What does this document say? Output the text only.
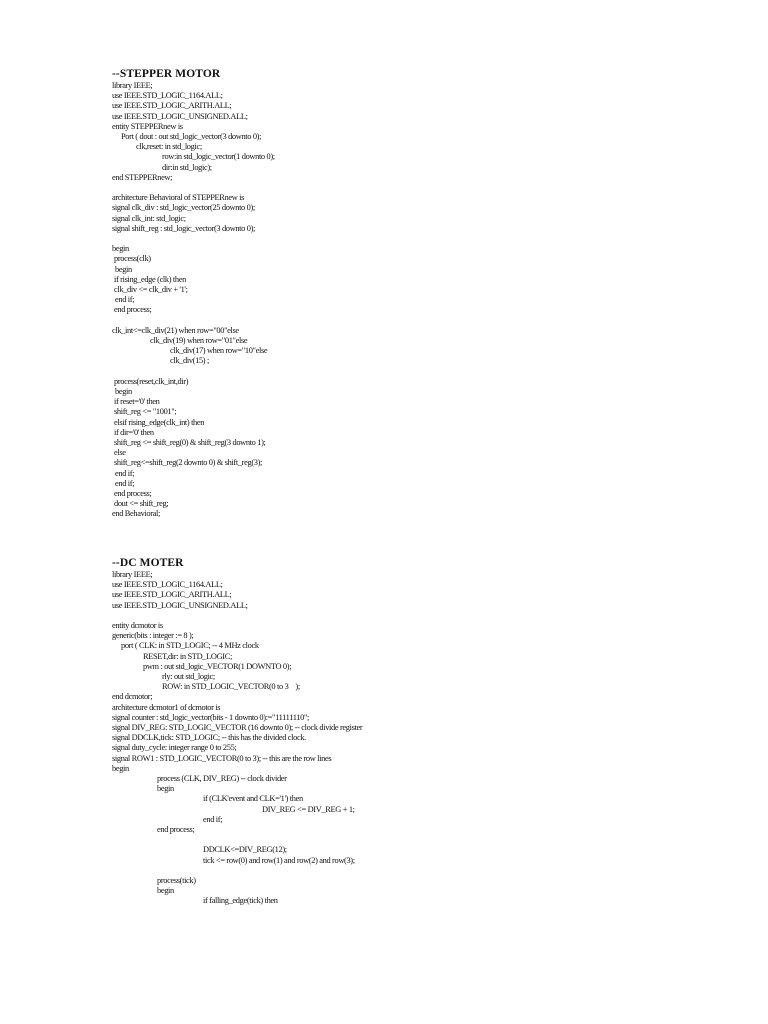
--STEPPER MOTOR
library IEEE;
use IEEE.STD_LOGIC_1164.ALL;
use IEEE.STD_LOGIC_ARITH.ALL;
use IEEE.STD_LOGIC_UNSIGNED.ALL;
entity STEPPERnew is
Port ( dout : out std_logic_vector(3 downto 0);
clk,reset: in std_logic;
row:in std_logic_vector(1 downto 0);
dir:in std_logic);
end STEPPERnew;
architecture Behavioral of STEPPERnew is
signal clk_div : std_logic_vector(25 downto 0);
signal clk_int: std_logic;
signal shift_reg : std_logic_vector(3 downto 0);
begin
process(clk)
begin
if rising_edge (clk) then
clk_div <= clk_div + '1';
end if;
end process;
clk_int<=clk_div(21) when row="00"else
clk_div(19) when row="01"else
clk_div(17) when row="10"else
clk_div(15) ;
process(reset,clk_int,dir)
begin
if reset='0' then
shift_reg <= "1001";
elsif rising_edge(clk_int) then
if dir='0' then
shift_reg <= shift_reg(0) & shift_reg(3 downto 1);
else
shift_reg<=shift_reg(2 downto 0) & shift_reg(3);
end if;
end if;
end process;
dout <= shift_reg;
end Behavioral;
--DC MOTER
library IEEE;
use IEEE.STD_LOGIC_1164.ALL;
use IEEE.STD_LOGIC_ARITH.ALL;
use IEEE.STD_LOGIC_UNSIGNED.ALL;
entity dcmotor is
generic(bits : integer := 8 );
port ( CLK: in STD_LOGIC; -- 4 MHz clock
RESET,dir: in STD_LOGIC;
pwm : out std_logic_VECTOR(1 DOWNTO 0);
rly: out std_logic;
ROW: in STD_LOGIC_VECTOR(0 to 3    );
end dcmotor;
architecture dcmotor1 of dcmotor is
signal counter : std_logic_vector(bits - 1 downto 0):="11111110";
signal DIV_REG: STD_LOGIC_VECTOR (16 downto 0); -- clock divide register
signal DDCLK,tick: STD_LOGIC; -- this has the divided clock.
signal duty_cycle: integer range 0 to 255;
signal ROW1 : STD_LOGIC_VECTOR(0 to 3); -- this are the row lines
begin
process (CLK, DIV_REG) -- clock divider
begin
if (CLK'event and CLK='1') then
DIV_REG <= DIV_REG + 1;
end if;
end process;
DDCLK<=DIV_REG(12);
tick <= row(0) and row(1) and row(2) and row(3);
process(tick)
begin
if falling_edge(tick) then
